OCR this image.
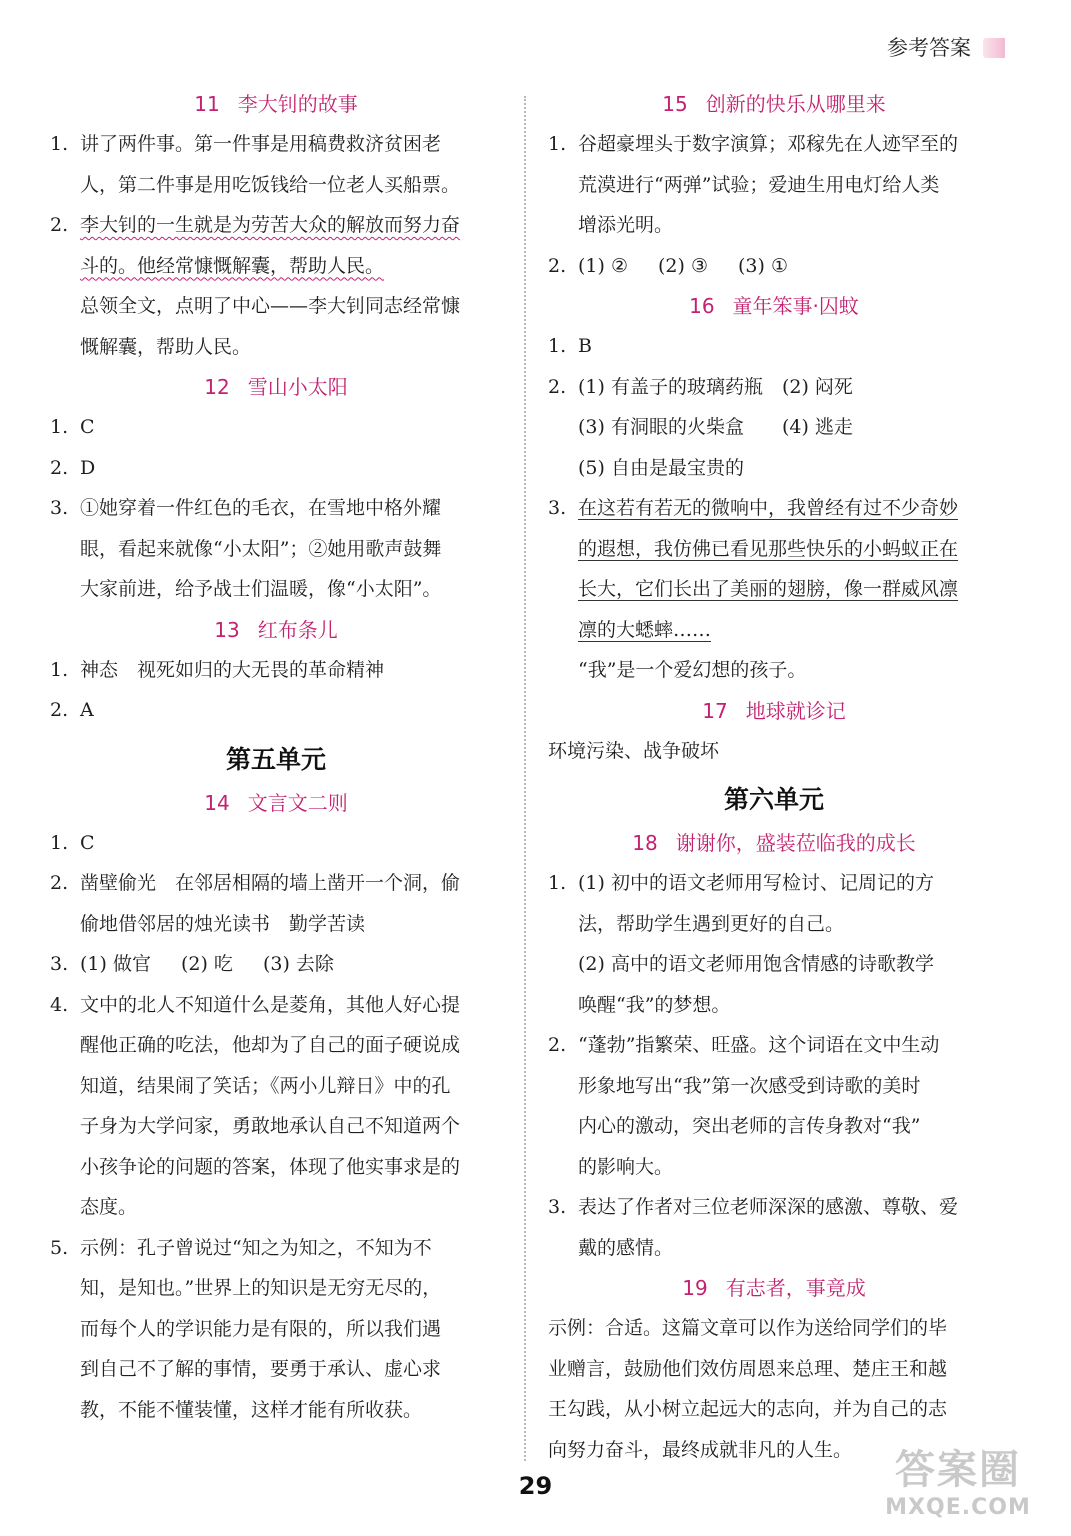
参考答案
11 李大钊的故事
1. 讲了两件事。第一件事是用稿费救济贫困老
人，第二件事是用吃饭钱给一位老人买船票。
2. 李大钊的一生就是为劳苦大众的解放而努力奋
斗的。他经常慷慨解囊，帮助人民。
总领全文，点明了中心——李大钊同志经常慷
慨解囊，帮助人民。
12 雪山小太阳
1. C
2. D
3. ①她穿着一件红色的毛衣，在雪地中格外耀
眼，看起来就像“小太阳”；②她用歌声鼓舞
大家前进，给予战士们温暖，像“小太阳”。
13 红布条儿
1. 神态　视死如归的大无畏的革命精神
2. A
第五单元
14 文言文二则
1. C
2. 凿壁偷光　在邻居相隔的墙上凿开一个洞，偷
偷地借邻居的烛光读书　勤学苦读
3. (1) 做官 (2) 吃 (3) 去除
4. 文中的北人不知道什么是菱角，其他人好心提
醒他正确的吃法，他却为了自己的面子硬说成
知道，结果闹了笑话；《两小儿辩日》中的孔
子身为大学问家，勇敢地承认自己不知道两个
小孩争论的问题的答案，体现了他实事求是的
态度。
5. 示例：孔子曾说过“知之为知之，不知为不
知，是知也。”世界上的知识是无穷无尽的，
而每个人的学识能力是有限的，所以我们遇
到自己不了解的事情，要勇于承认、虚心求
教，不能不懂装懂，这样才能有所收获。
15 创新的快乐从哪里来
1. 谷超豪埋头于数字演算；邓稼先在人迹罕至的
荒漠进行“两弹”试验；爱迪生用电灯给人类
增添光明。
2. (1) ② (2) ③ (3) ①
16 童年笨事·囚蚊
1. B
2. (1) 有盖子的玻璃药瓶　(2) 闷死
(3) 有洞眼的火柴盒　　(4) 逃走
(5) 自由是最宝贵的
3. 在这若有若无的微响中，我曾经有过不少奇妙
的遐想，我仿佛已看见那些快乐的小蚂蚁正在
长大，它们长出了美丽的翅膀，像一群威风凛
凛的大蟋蟀……
“我”是一个爱幻想的孩子。
17 地球就诊记
环境污染、战争破坏
第六单元
18 谢谢你，盛装莅临我的成长
1. (1) 初中的语文老师用写检讨、记周记的方
法，帮助学生遇到更好的自己。
(2) 高中的语文老师用饱含情感的诗歌教学
唤醒“我”的梦想。
2. “蓬勃”指繁荣、旺盛。这个词语在文中生动
形象地写出“我”第一次感受到诗歌的美时
内心的激动，突出老师的言传身教对“我”
的影响大。
3. 表达了作者对三位老师深深的感激、尊敬、爱
戴的感情。
19 有志者，事竟成
示例：合适。这篇文章可以作为送给同学们的毕
业赠言，鼓励他们效仿周恩来总理、楚庄王和越
王勾践，从小树立起远大的志向，并为自己的志
向努力奋斗，最终成就非凡的人生。
29	答案圈
MXQE.COM
